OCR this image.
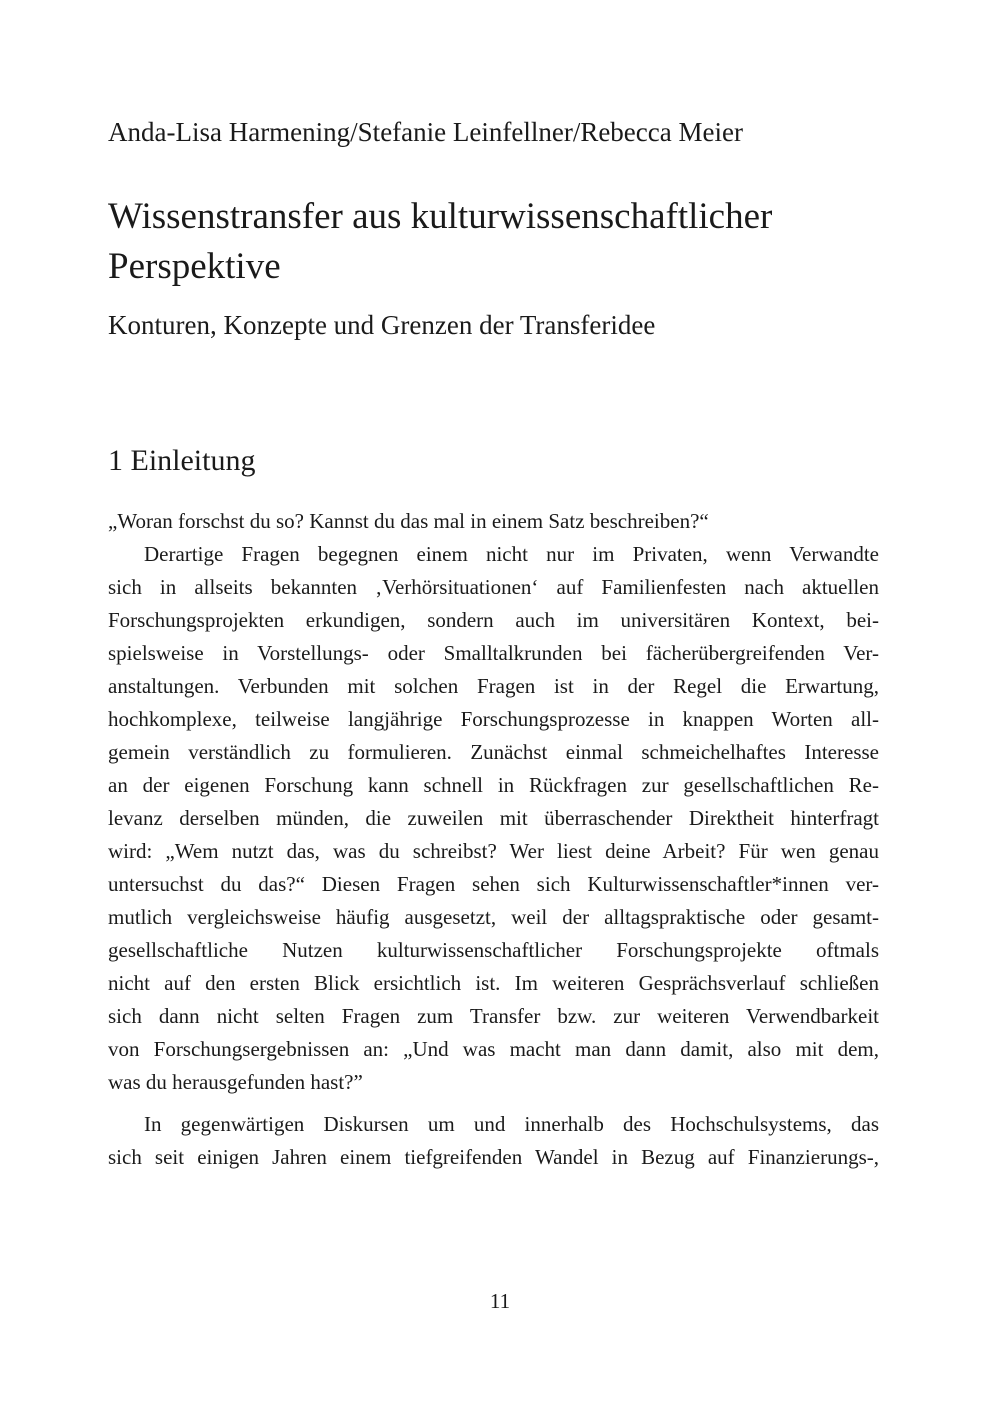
Anda-Lisa Harmening/Stefanie Leinfellner/Rebecca Meier
Wissenstransfer aus kulturwissenschaftlicher
Perspektive
Konturen, Konzepte und Grenzen der Transferidee
1 Einleitung
„Woran forschst du so? Kannst du das mal in einem Satz beschreiben?“
Derartige Fragen begegnen einem nicht nur im Privaten, wenn Verwandte
sich in allseits bekannten ‚Verhörsituationen‘ auf Familienfesten nach aktuellen
Forschungsprojekten erkundigen, sondern auch im universitären Kontext, bei-
spielsweise in Vorstellungs- oder Smalltalkrunden bei fächerübergreifenden Ver-
anstaltungen. Verbunden mit solchen Fragen ist in der Regel die Erwartung,
hochkomplexe, teilweise langjährige Forschungsprozesse in knappen Worten all-
gemein verständlich zu formulieren. Zunächst einmal schmeichelhaftes Interesse
an der eigenen Forschung kann schnell in Rückfragen zur gesellschaftlichen Re-
levanz derselben münden, die zuweilen mit überraschender Direktheit hinterfragt
wird: „Wem nutzt das, was du schreibst? Wer liest deine Arbeit? Für wen genau
untersuchst du das?“ Diesen Fragen sehen sich Kulturwissenschaftler*innen ver-
mutlich vergleichsweise häufig ausgesetzt, weil der alltagspraktische oder gesamt-
gesellschaftliche Nutzen kulturwissenschaftlicher Forschungsprojekte oftmals
nicht auf den ersten Blick ersichtlich ist. Im weiteren Gesprächsverlauf schließen
sich dann nicht selten Fragen zum Transfer bzw. zur weiteren Verwendbarkeit
von Forschungsergebnissen an: „Und was macht man dann damit, also mit dem,
was du herausgefunden hast?”
In gegenwärtigen Diskursen um und innerhalb des Hochschulsystems, das
sich seit einigen Jahren einem tiefgreifenden Wandel in Bezug auf Finanzierungs-,
11
